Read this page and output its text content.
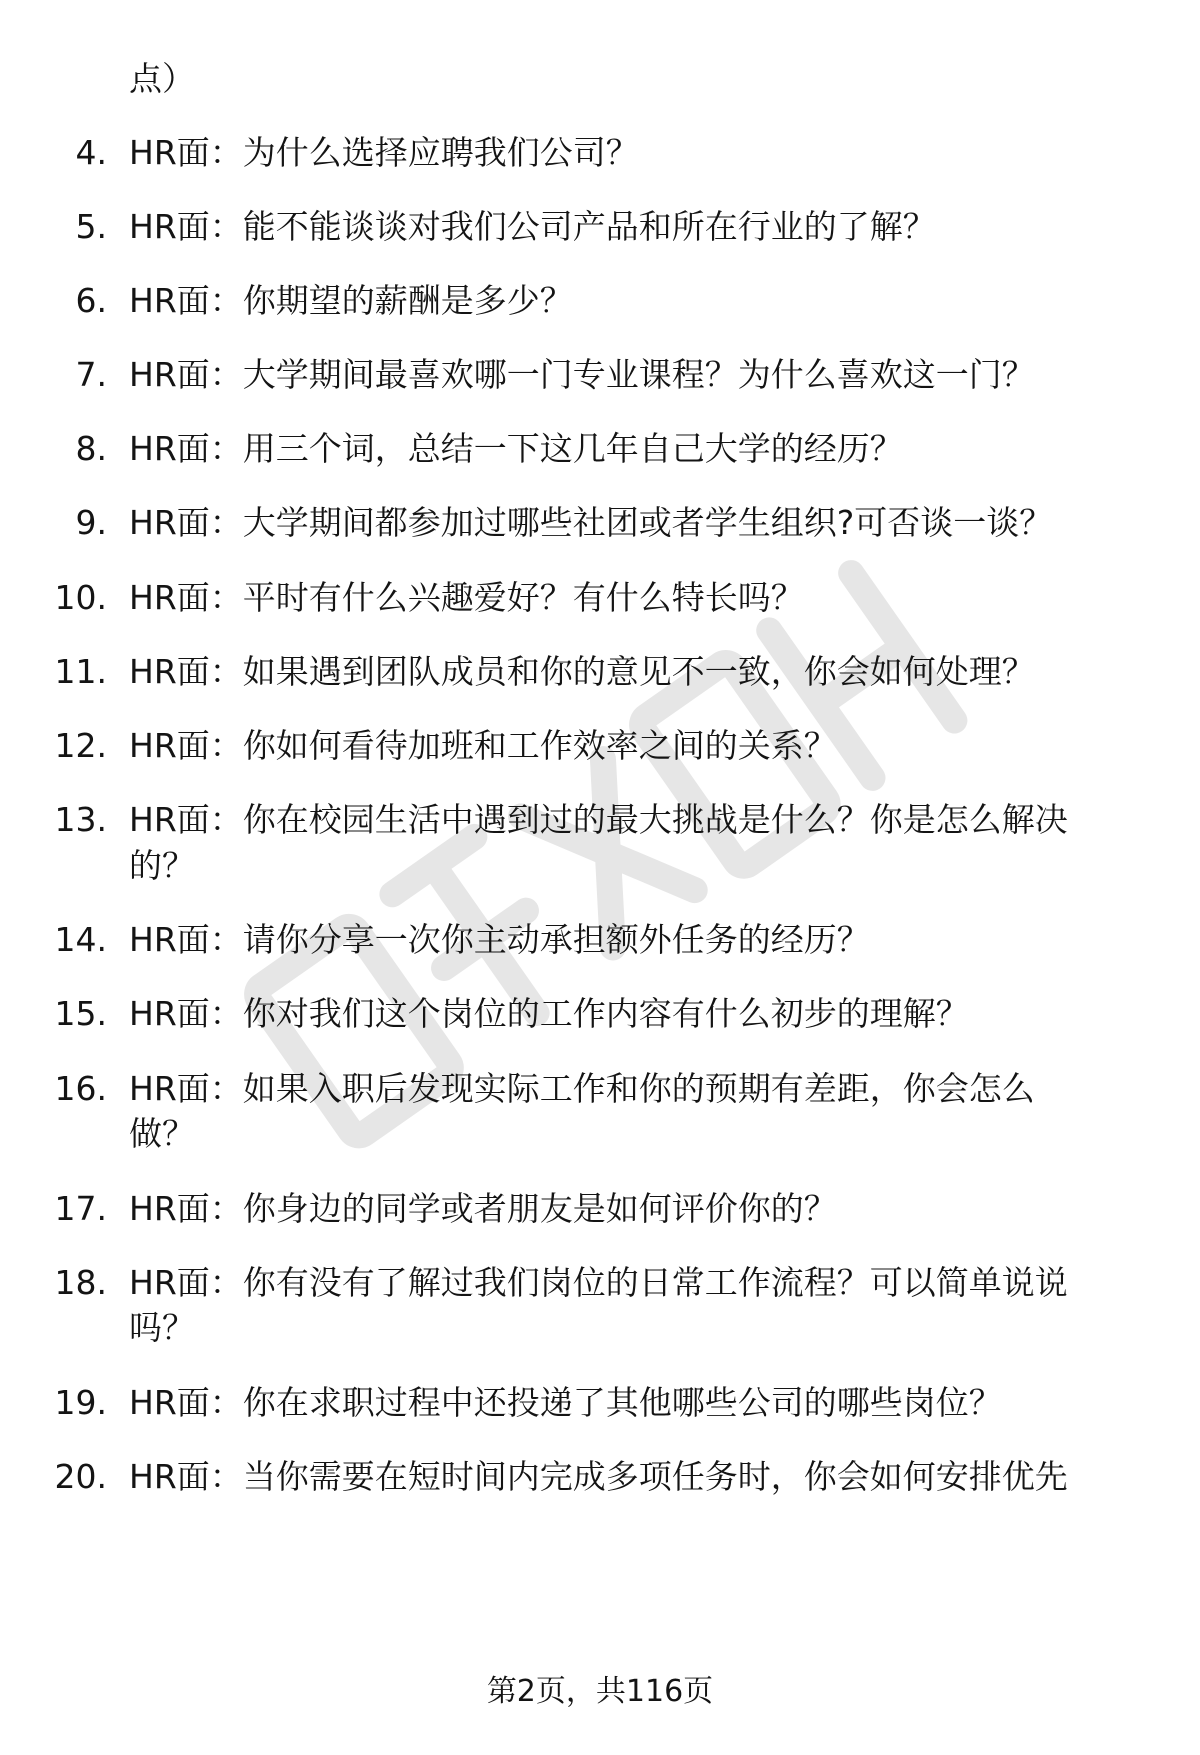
点）
4. HR面：为什么选择应聘我们公司？
5. HR面：能不能谈谈对我们公司产品和所在行业的了解？
6. HR面：你期望的薪酬是多少？
7. HR面：大学期间最喜欢哪一门专业课程？为什么喜欢这一门？
8. HR面：用三个词，总结一下这几年自己大学的经历？
9. HR面：大学期间都参加过哪些社团或者学生组织?可否谈一谈？
10. HR面：平时有什么兴趣爱好？有什么特长吗？
11. HR面：如果遇到团队成员和你的意见不一致，你会如何处理？
12. HR面：你如何看待加班和工作效率之间的关系？
13. HR面：你在校园生活中遇到过的最大挑战是什么？你是怎么解决
的？
14. HR面：请你分享一次你主动承担额外任务的经历？
15. HR面：你对我们这个岗位的工作内容有什么初步的理解？
16. HR面：如果入职后发现实际工作和你的预期有差距，你会怎么
做？
17. HR面：你身边的同学或者朋友是如何评价你的？
18. HR面：你有没有了解过我们岗位的日常工作流程？可以简单说说
吗？
19. HR面：你在求职过程中还投递了其他哪些公司的哪些岗位？
20. HR面：当你需要在短时间内完成多项任务时，你会如何安排优先
第2页，共116页
